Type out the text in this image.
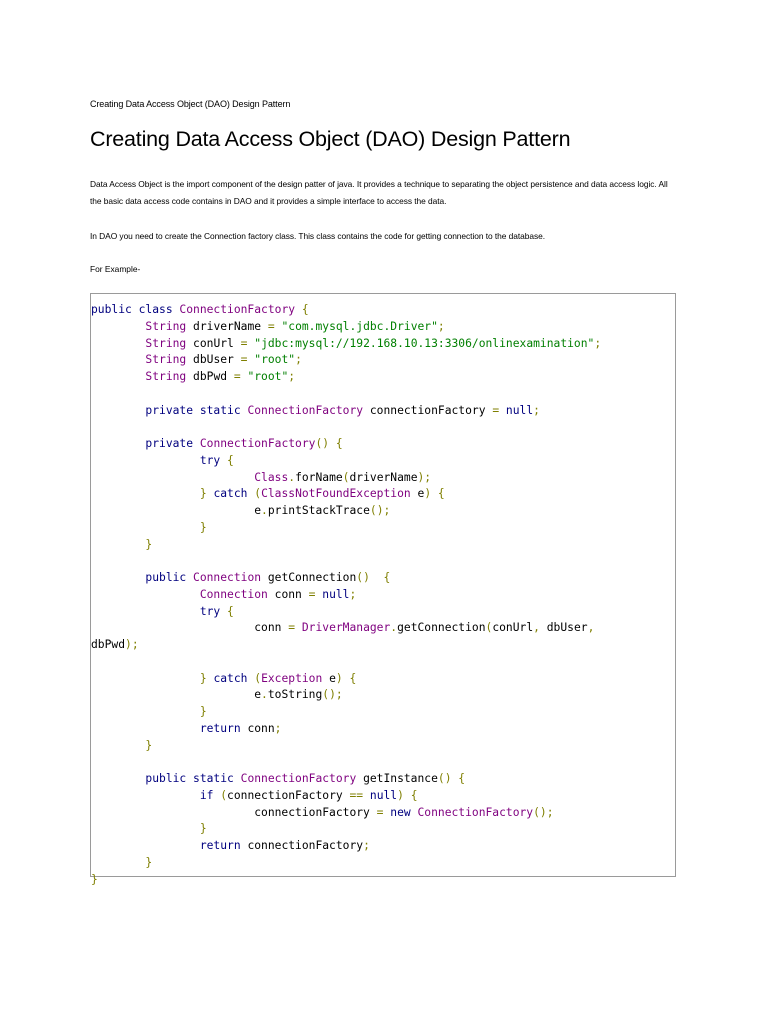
Creating Data Access Object (DAO) Design Pattern
Creating Data Access Object (DAO) Design Pattern

Data Access Object is the import component of the design patter of java. It provides a technique to separating the object persistence and data access logic. All the basic data access code contains in DAO and it provides a simple interface to access the data.

In DAO you need to create the Connection factory class. This class contains the code for getting connection to the database.

For Example-

public class ConnectionFactory {
String driverName = "com.mysql.jdbc.Driver";
String conUrl = "jdbc:mysql://192.168.10.13:3306/onlinexamination";
String dbUser = "root";
String dbPwd = "root";

private static ConnectionFactory connectionFactory = null;

private ConnectionFactory() {
try {
Class.forName(driverName);
} catch (ClassNotFoundException e) {
e.printStackTrace();
}
}

public Connection getConnection()  {
Connection conn = null;
try {
conn = DriverManager.getConnection(conUrl, dbUser,
dbPwd);

} catch (Exception e) {
e.toString();
}
return conn;
}

public static ConnectionFactory getInstance() {
if (connectionFactory == null) {
connectionFactory = new ConnectionFactory();
}
return connectionFactory;
}
}
